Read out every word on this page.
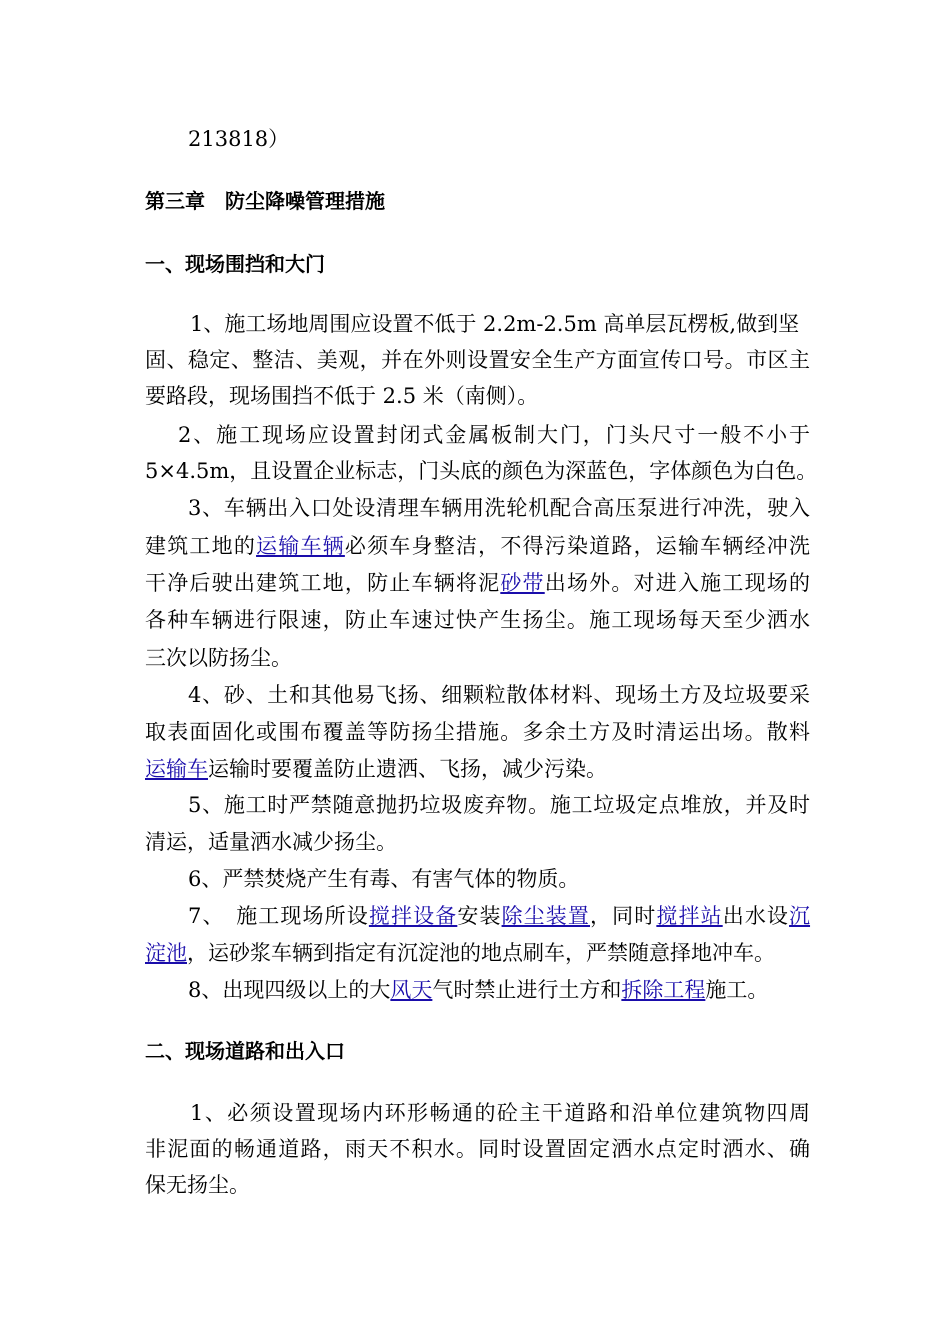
213818）
第三章　防尘降噪管理措施
一、现场围挡和大门
1、施工场地周围应设置不低于 2.2m-2.5m 高单层瓦楞板,做到坚
固、稳定、整洁、美观，并在外则设置安全生产方面宣传口号。市区主
要路段，现场围挡不低于 2.5 米（南侧）。
2、施工现场应设置封闭式金属板制大门，门头尺寸一般不小于
5×4.5m，且设置企业标志，门头底的颜色为深蓝色，字体颜色为白色。
3、车辆出入口处设清理车辆用洗轮机配合高压泵进行冲洗，驶入
建筑工地的运输车辆必须车身整洁，不得污染道路，运输车辆经冲洗
干净后驶出建筑工地，防止车辆将泥砂带出场外。对进入施工现场的
各种车辆进行限速，防止车速过快产生扬尘。施工现场每天至少洒水
三次以防扬尘。
4、砂、土和其他易飞扬、细颗粒散体材料、现场土方及垃圾要采
取表面固化或围布覆盖等防扬尘措施。多余土方及时清运出场。散料
运输车运输时要覆盖防止遗洒、飞扬，减少污染。
5、施工时严禁随意抛扔垃圾废弃物。施工垃圾定点堆放，并及时
清运，适量洒水减少扬尘。
6、严禁焚烧产生有毒、有害气体的物质。
7、　施工现场所设搅拌设备安装除尘装置，同时搅拌站出水设沉
淀池，运砂浆车辆到指定有沉淀池的地点刷车，严禁随意择地冲车。
8、出现四级以上的大风天气时禁止进行土方和拆除工程施工。
二、现场道路和出入口
1、必须设置现场内环形畅通的砼主干道路和沿单位建筑物四周
非泥面的畅通道路，雨天不积水。同时设置固定洒水点定时洒水、确
保无扬尘。
